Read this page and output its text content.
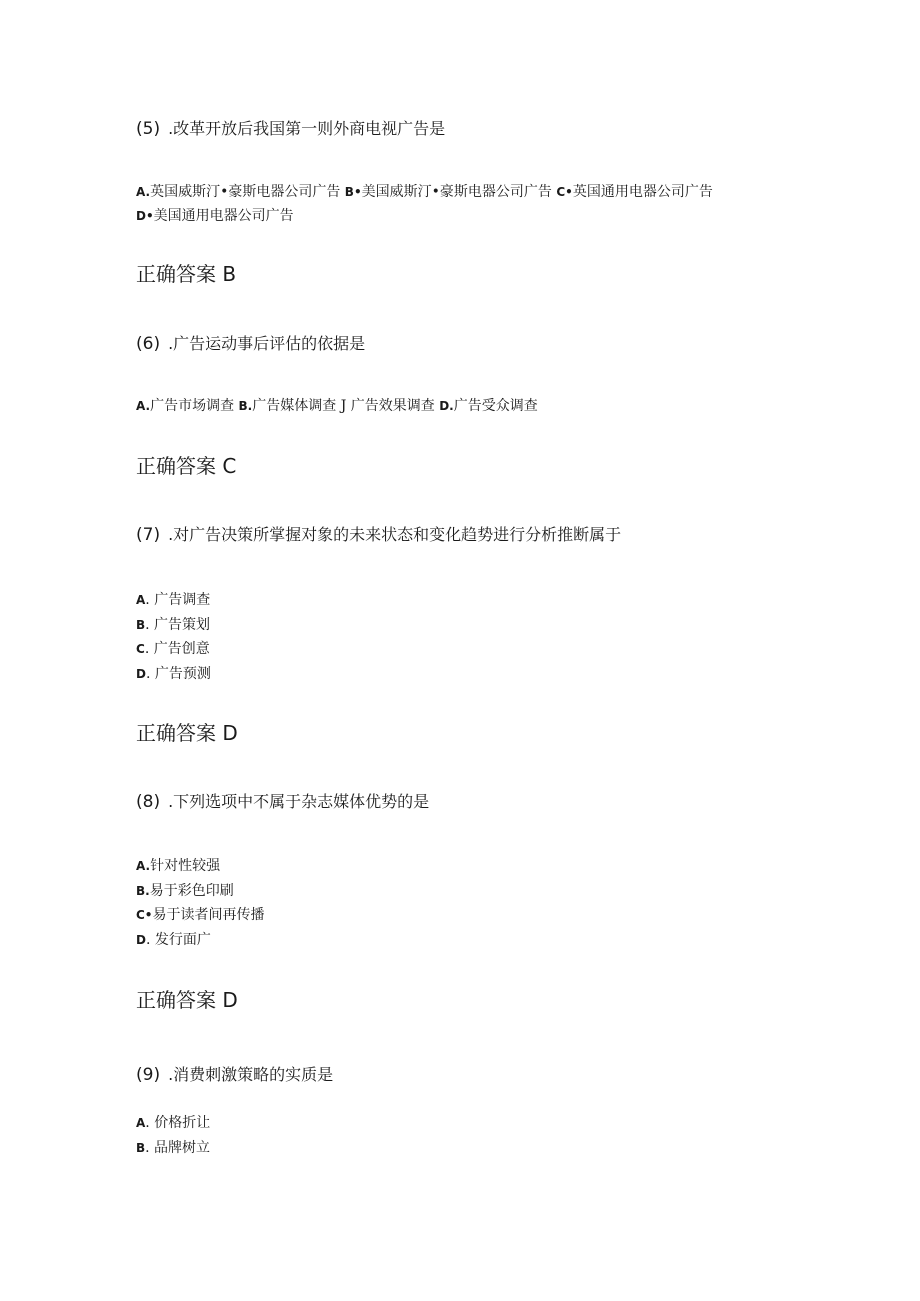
(5) .改革开放后我国第一则外商电视广告是
A.英国威斯汀•豪斯电器公司广告 B•美国威斯汀•豪斯电器公司广告 C•英国通用电器公司广告 D•美国通用电器公司广告
正确答案 B
(6) .广告运动事后评估的依据是
A.广告市场调查 B.广告媒体调查 J 广告效果调查 D.广告受众调查
正确答案 C
(7) .对广告决策所掌握对象的未来状态和变化趋势进行分析推断属于
A. 广告调查
B. 广告策划
C. 广告创意
D. 广告预测
正确答案 D
(8) .下列选项中不属于杂志媒体优势的是
A.针对性较强
B.易于彩色印刷
C•易于读者间再传播
D. 发行面广
正确答案 D
(9) .消费刺激策略的实质是
A. 价格折让
B. 品牌树立
